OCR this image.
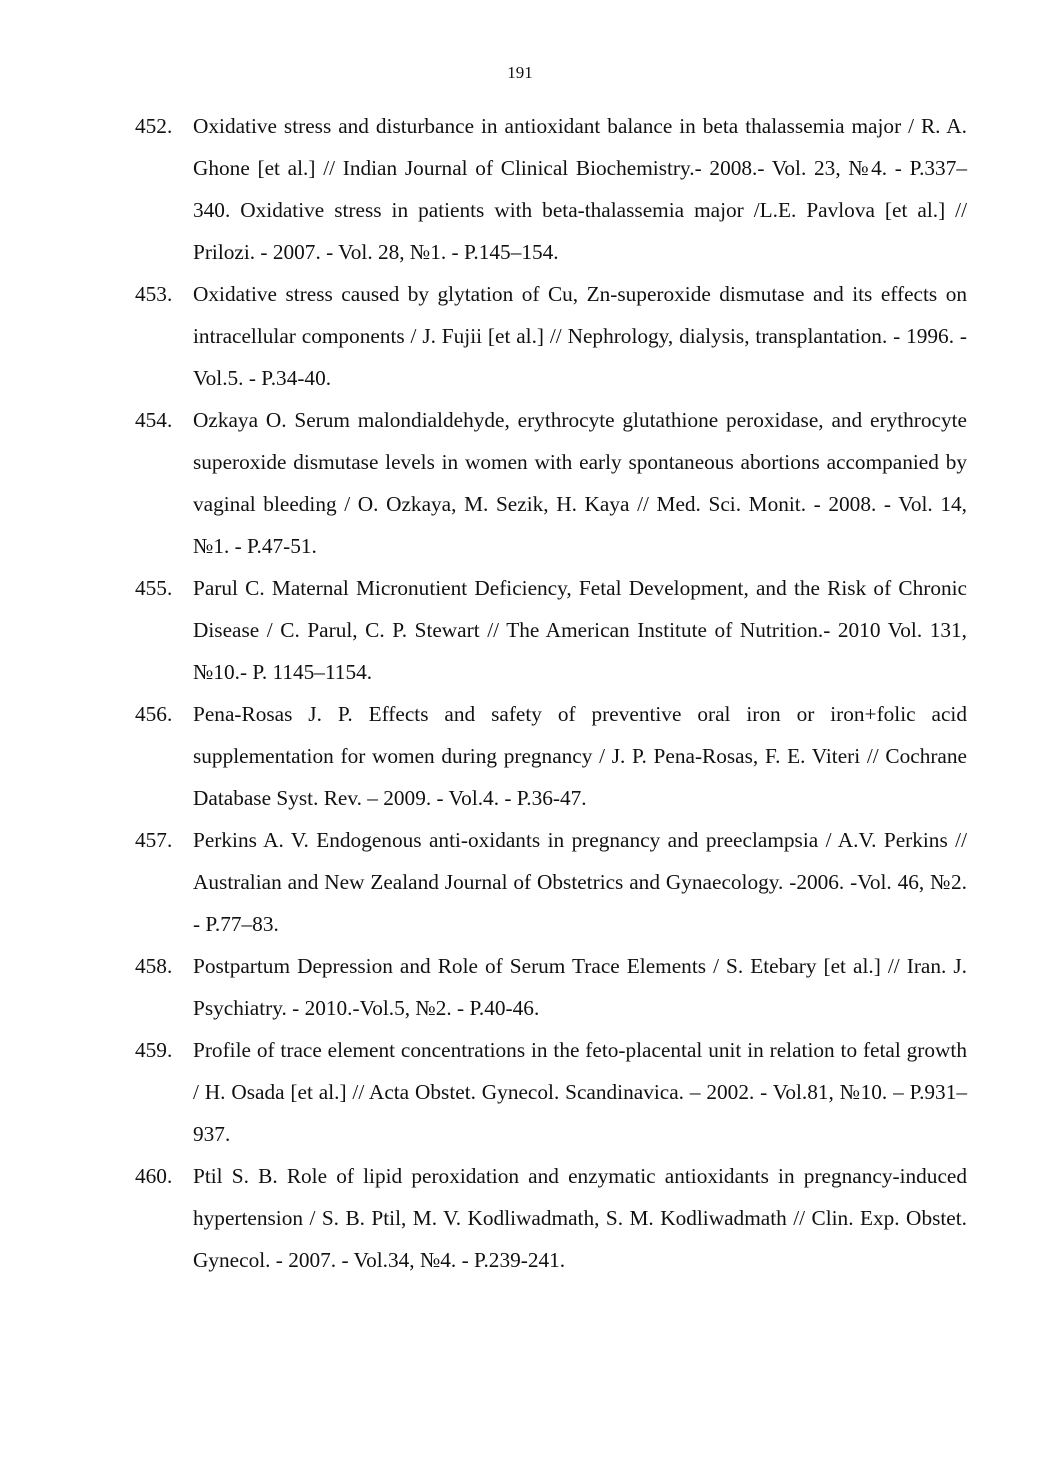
191
452. Oxidative stress and disturbance in antioxidant balance in beta thalassemia major / R. A. Ghone [et al.] // Indian Journal of Clinical Biochemistry.- 2008.- Vol. 23, №4. - P.337–340. Oxidative stress in patients with beta-thalassemia major /L.E. Pavlova [et al.] // Prilozi. - 2007. - Vol. 28, №1. - P.145–154.
453. Oxidative stress caused by glytation of Cu, Zn-superoxide dismutase and its effects on intracellular components / J. Fujii [et al.] // Nephrology, dialysis, transplantation. - 1996. - Vol.5. - P.34-40.
454. Ozkaya O. Serum malondialdehyde, erythrocyte glutathione peroxidase, and erythrocyte superoxide dismutase levels in women with early spontaneous abortions accompanied by vaginal bleeding / O. Ozkaya, M. Sezik, H. Kaya // Med. Sci. Monit. - 2008. - Vol. 14, №1. - P.47-51.
455. Parul C. Maternal Micronutient Deficiency, Fetal Development, and the Risk of Chronic Disease / C. Parul, C. P. Stewart // The American Institute of Nutrition.- 2010 Vol. 131, №10.- P. 1145–1154.
456. Pena-Rosas J. P. Effects and safety of preventive oral iron or iron+folic acid supplementation for women during pregnancy / J. P. Pena-Rosas, F. E. Viteri // Cochrane Database Syst. Rev. – 2009. - Vol.4. - P.36-47.
457. Perkins A. V. Endogenous anti-oxidants in pregnancy and preeclampsia / A.V. Perkins // Australian and New Zealand Journal of Obstetrics and Gynaecology. -2006. -Vol. 46, №2. - P.77–83.
458. Postpartum Depression and Role of Serum Trace Elements / S. Etebary [et al.] // Iran. J. Psychiatry. - 2010.-Vol.5, №2. - P.40-46.
459. Profile of trace element concentrations in the feto-placental unit in relation to fetal growth / H. Osada [et al.] // Acta Obstet. Gynecol. Scandinavica. – 2002. - Vol.81, №10. – P.931–937.
460. Ptil S. B. Role of lipid peroxidation and enzymatic antioxidants in pregnancy-induced hypertension / S. B. Ptil, M. V. Kodliwadmath, S. M. Kodliwadmath // Clin. Exp. Obstet. Gynecol. - 2007. - Vol.34, №4. - P.239-241.
